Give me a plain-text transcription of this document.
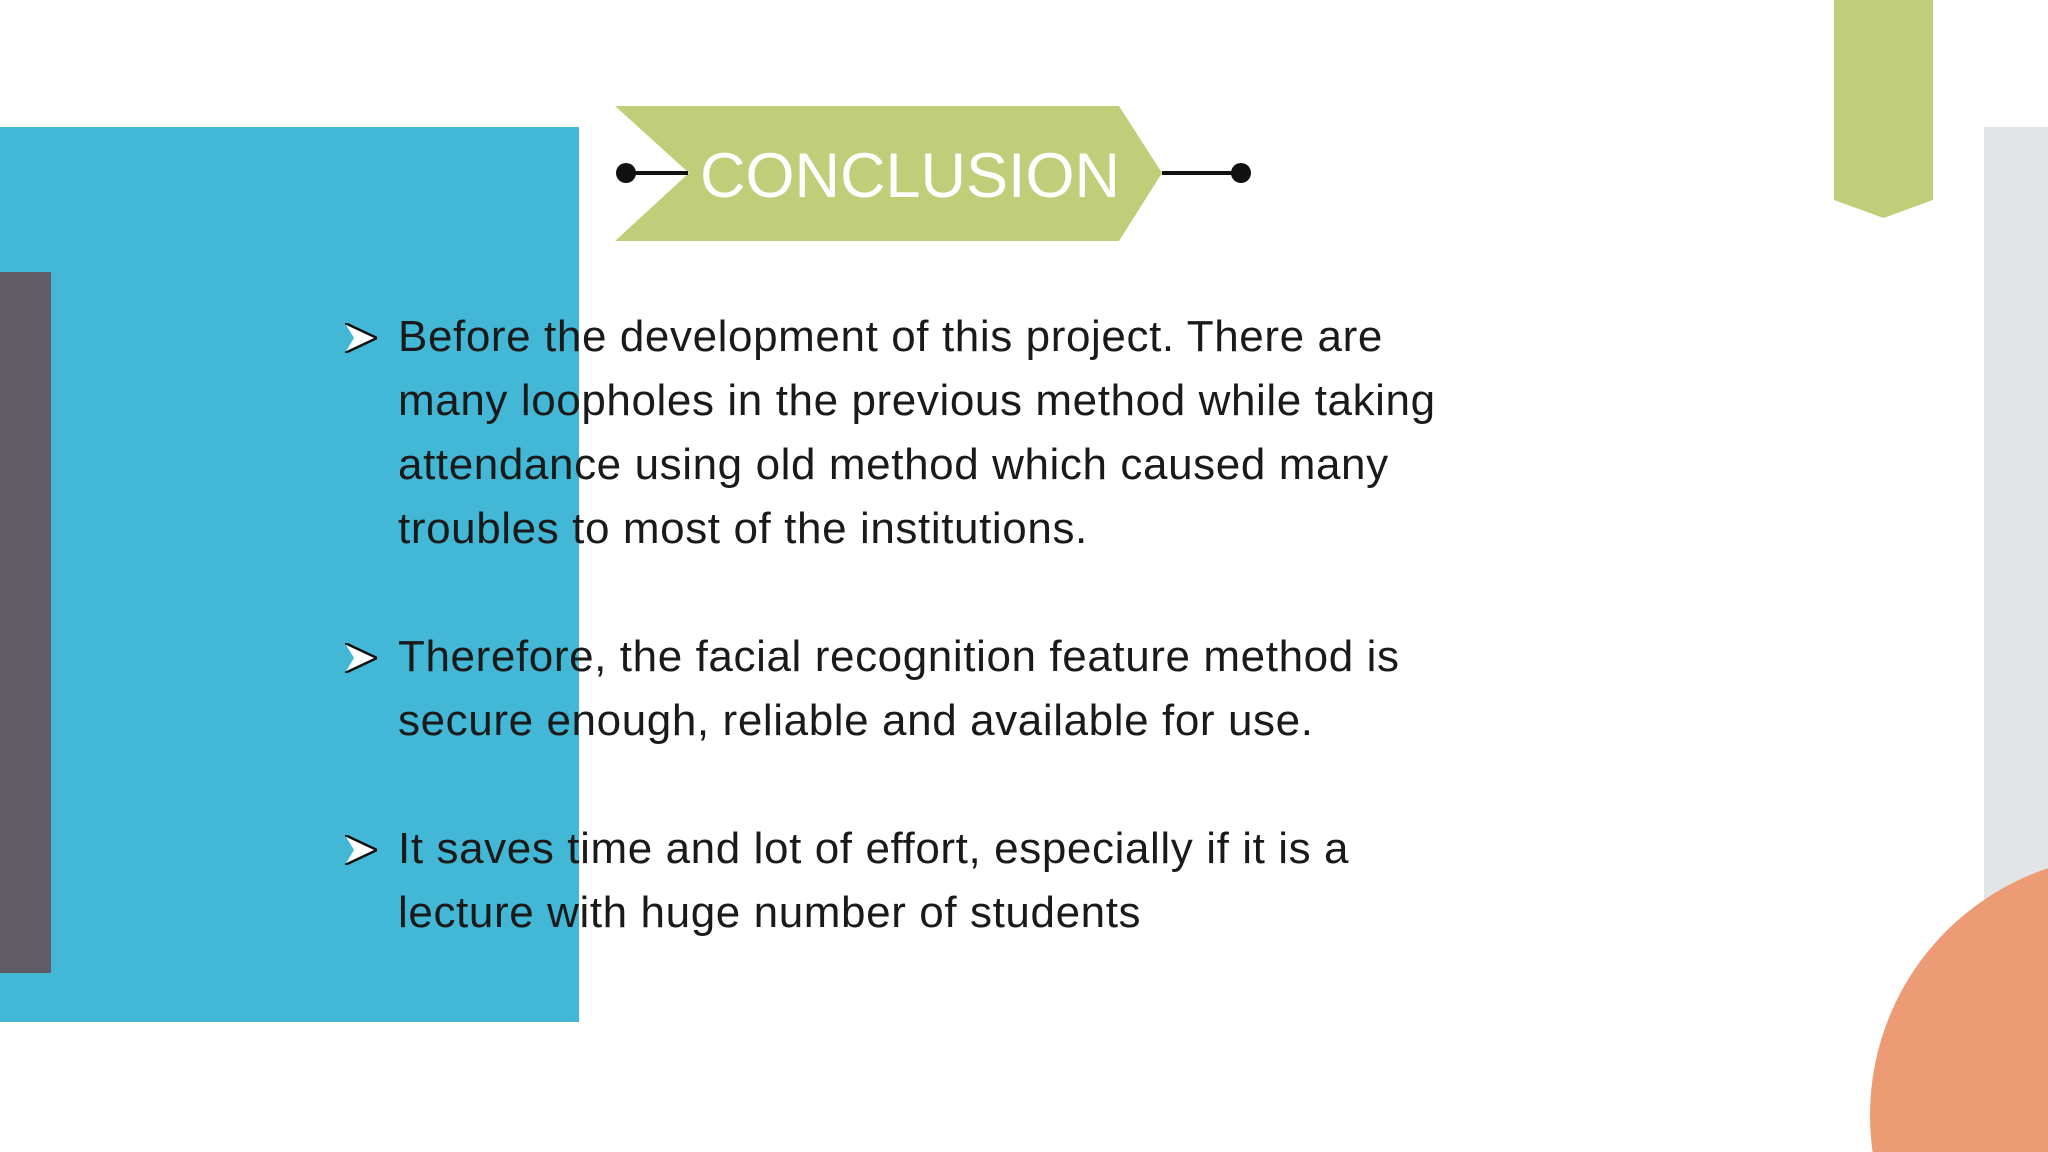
CONCLUSION

Before the development of this project. There are many loopholes in the previous method while taking attendance using old method which caused many troubles to most of the institutions.

Therefore, the facial recognition feature method is secure enough, reliable and available for use.

It saves time and lot of effort, especially if it is a lecture with huge number of students
